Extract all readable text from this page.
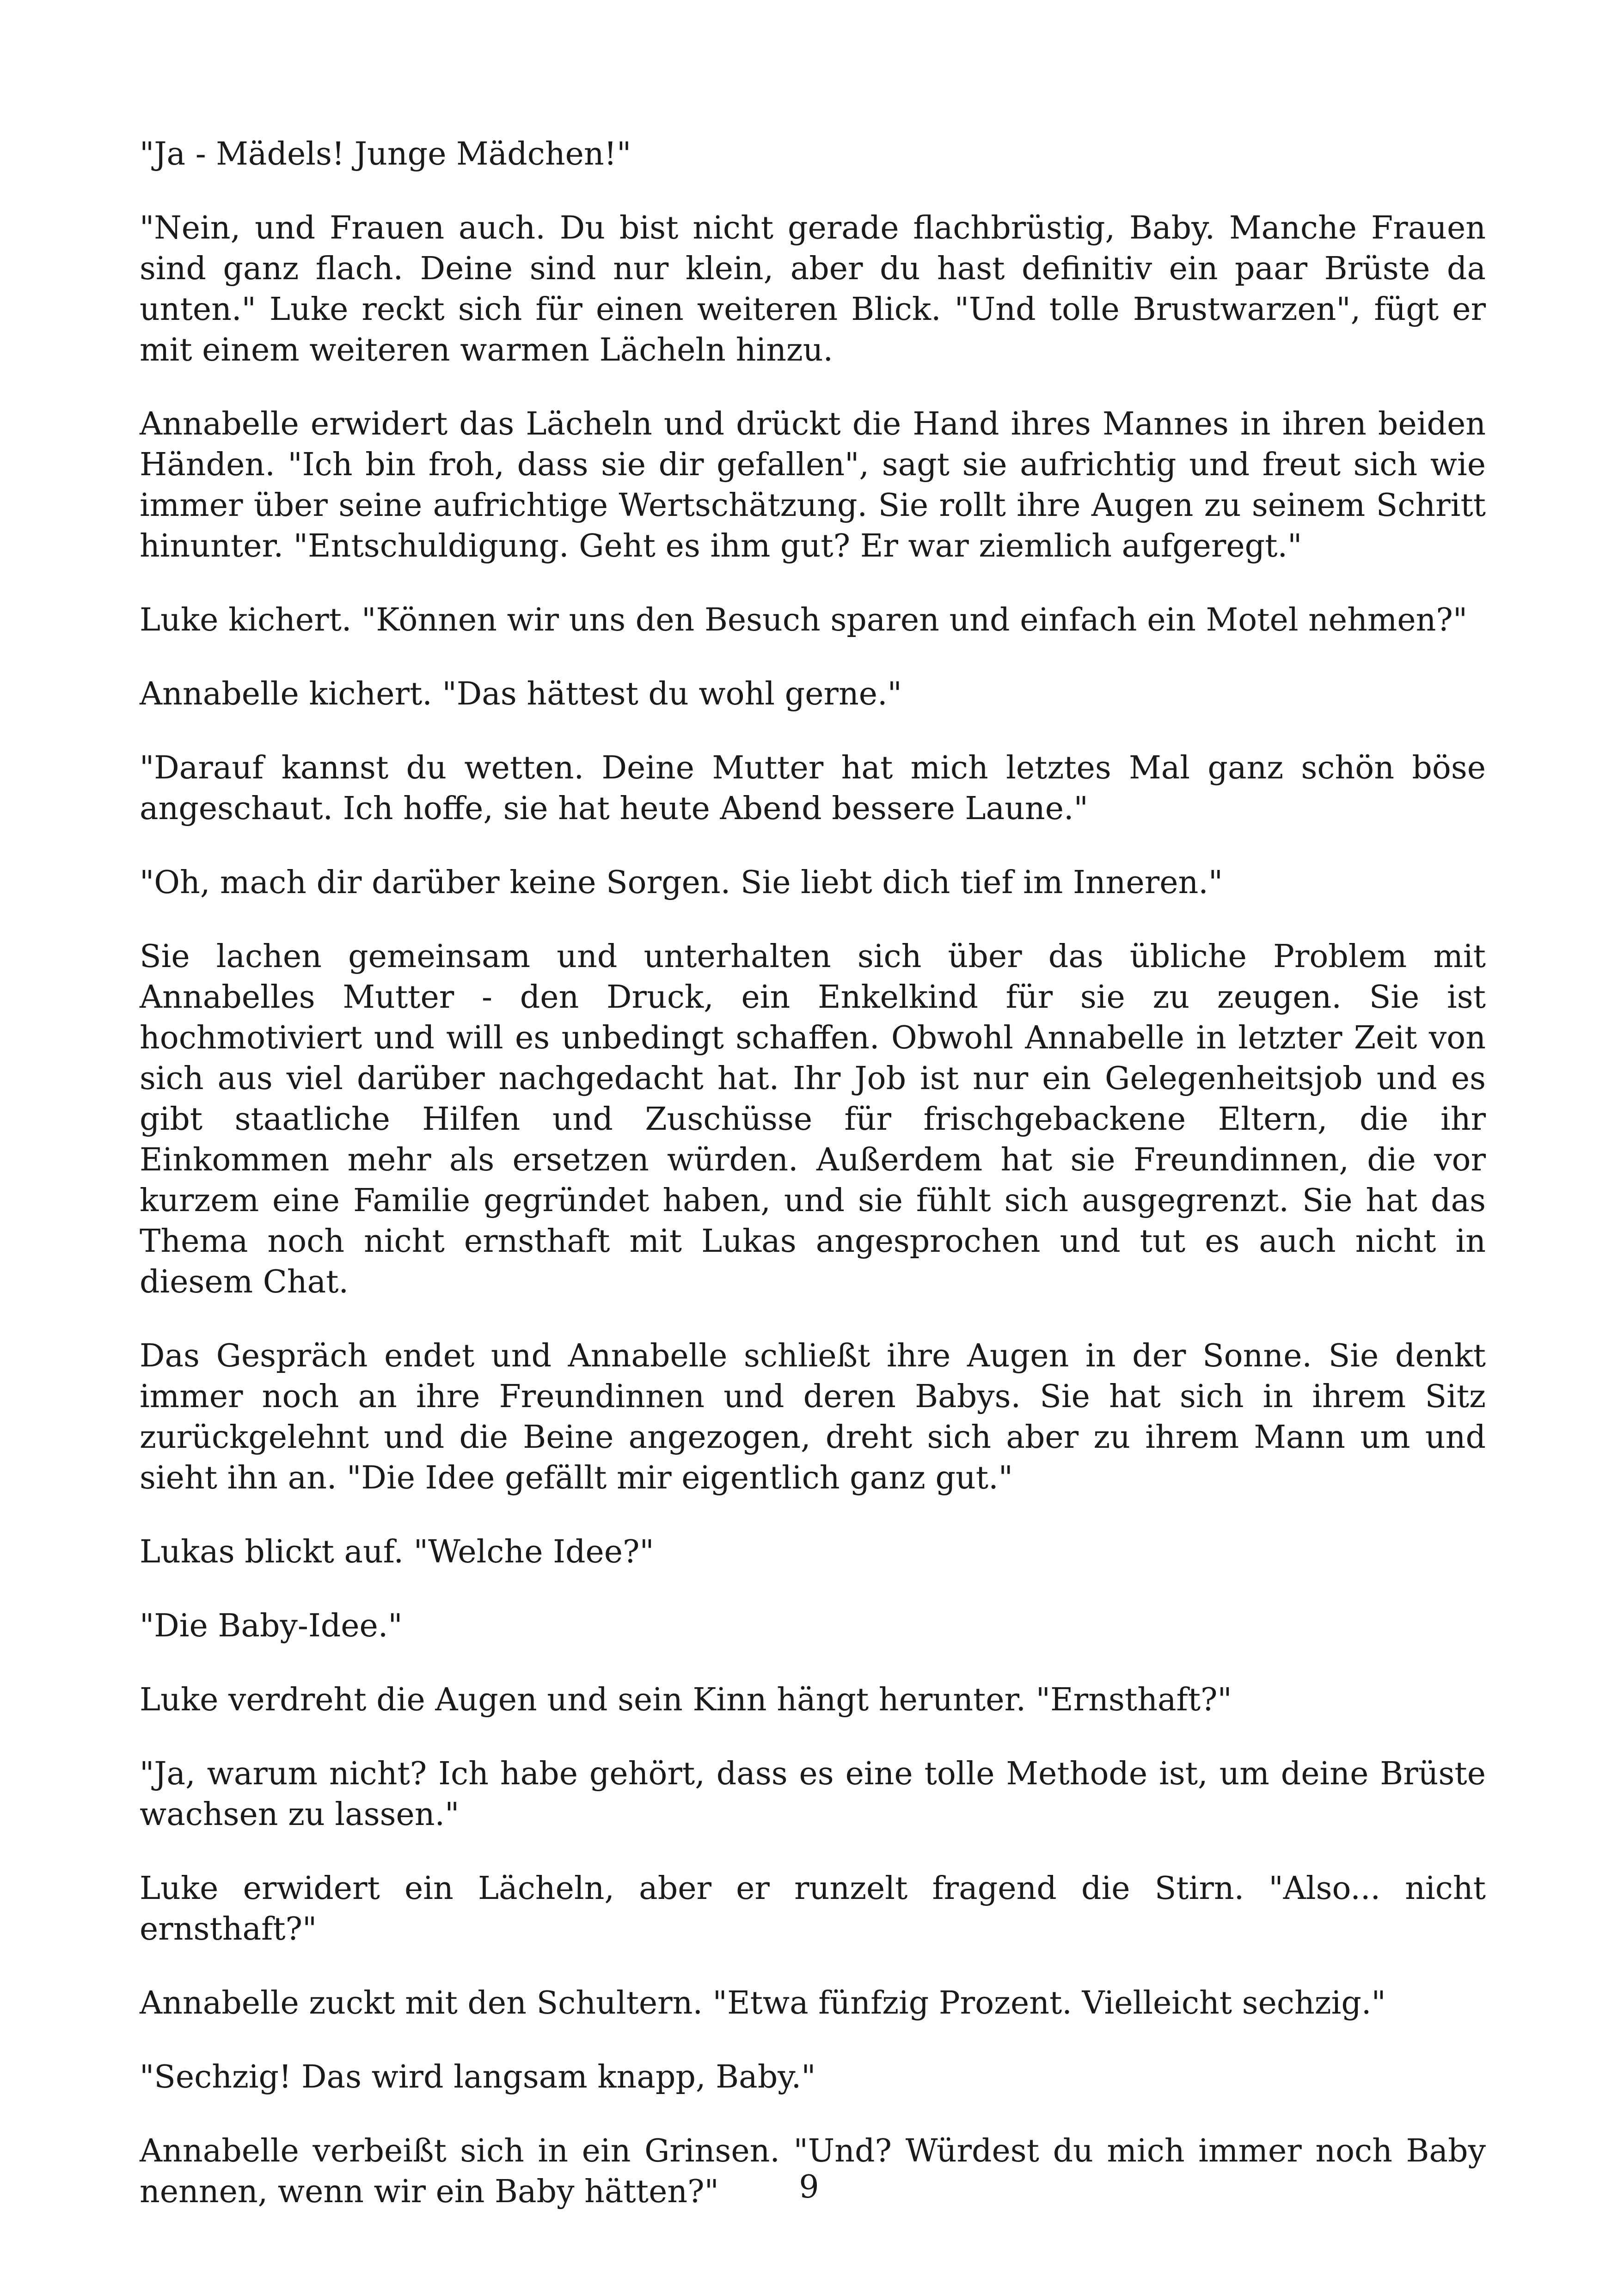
"Ja - Mädels! Junge Mädchen!"

"Nein, und Frauen auch. Du bist nicht gerade flachbrüstig, Baby. Manche Frauen sind ganz flach. Deine sind nur klein, aber du hast definitiv ein paar Brüste da unten." Luke reckt sich für einen weiteren Blick. "Und tolle Brustwarzen", fügt er mit einem weiteren warmen Lächeln hinzu.

Annabelle erwidert das Lächeln und drückt die Hand ihres Mannes in ihren beiden Händen. "Ich bin froh, dass sie dir gefallen", sagt sie aufrichtig und freut sich wie immer über seine aufrichtige Wertschätzung. Sie rollt ihre Augen zu seinem Schritt hinunter. "Entschuldigung. Geht es ihm gut? Er war ziemlich aufgeregt."

Luke kichert. "Können wir uns den Besuch sparen und einfach ein Motel nehmen?"

Annabelle kichert. "Das hättest du wohl gerne."

"Darauf kannst du wetten. Deine Mutter hat mich letztes Mal ganz schön böse angeschaut. Ich hoffe, sie hat heute Abend bessere Laune."

"Oh, mach dir darüber keine Sorgen. Sie liebt dich tief im Inneren."

Sie lachen gemeinsam und unterhalten sich über das übliche Problem mit Annabelles Mutter - den Druck, ein Enkelkind für sie zu zeugen. Sie ist hochmotiviert und will es unbedingt schaffen. Obwohl Annabelle in letzter Zeit von sich aus viel darüber nachgedacht hat. Ihr Job ist nur ein Gelegenheitsjob und es gibt staatliche Hilfen und Zuschüsse für frischgebackene Eltern, die ihr Einkommen mehr als ersetzen würden. Außerdem hat sie Freundinnen, die vor kurzem eine Familie gegründet haben, und sie fühlt sich ausgegrenzt. Sie hat das Thema noch nicht ernsthaft mit Lukas angesprochen und tut es auch nicht in diesem Chat.

Das Gespräch endet und Annabelle schließt ihre Augen in der Sonne. Sie denkt immer noch an ihre Freundinnen und deren Babys. Sie hat sich in ihrem Sitz zurückgelehnt und die Beine angezogen, dreht sich aber zu ihrem Mann um und sieht ihn an. "Die Idee gefällt mir eigentlich ganz gut."

Lukas blickt auf. "Welche Idee?"

"Die Baby-Idee."

Luke verdreht die Augen und sein Kinn hängt herunter. "Ernsthaft?"

"Ja, warum nicht? Ich habe gehört, dass es eine tolle Methode ist, um deine Brüste wachsen zu lassen."

Luke erwidert ein Lächeln, aber er runzelt fragend die Stirn. "Also... nicht ernsthaft?"

Annabelle zuckt mit den Schultern. "Etwa fünfzig Prozent. Vielleicht sechzig."

"Sechzig! Das wird langsam knapp, Baby."

Annabelle verbeißt sich in ein Grinsen. "Und? Würdest du mich immer noch Baby nennen, wenn wir ein Baby hätten?"	9
